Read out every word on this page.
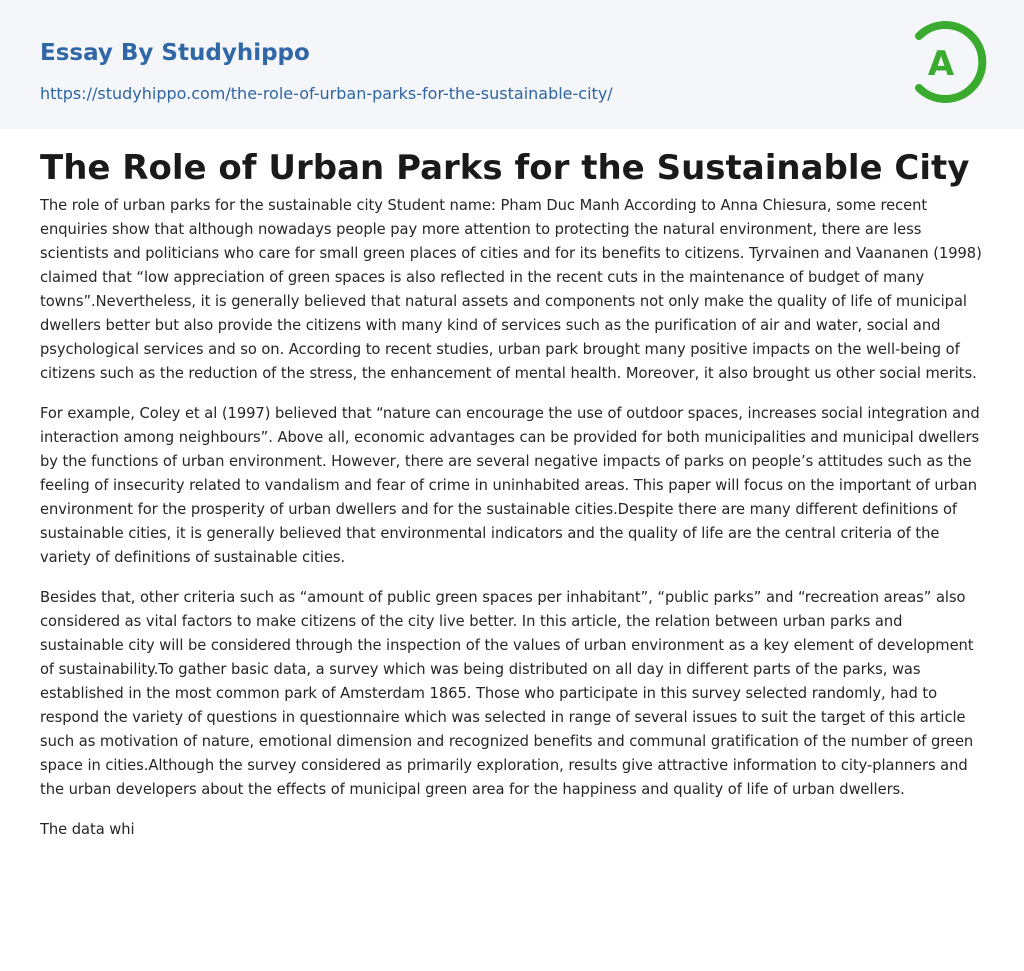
Essay By Studyhippo
https://studyhippo.com/the-role-of-urban-parks-for-the-sustainable-city/
A
The Role of Urban Parks for the Sustainable City

The role of urban parks for the sustainable city Student name: Pham Duc Manh According to Anna Chiesura, some recent enquiries show that although nowadays people pay more attention to protecting the natural environment, there are less scientists and politicians who care for small green places of cities and for its benefits to citizens. Tyrvainen and Vaananen (1998) claimed that “low appreciation of green spaces is also reflected in the recent cuts in the maintenance of budget of many towns”.Nevertheless, it is generally believed that natural assets and components not only make the quality of life of municipal dwellers better but also provide the citizens with many kind of services such as the purification of air and water, social and psychological services and so on. According to recent studies, urban park brought many positive impacts on the well-being of citizens such as the reduction of the stress, the enhancement of mental health. Moreover, it also brought us other social merits.

For example, Coley et al (1997) believed that “nature can encourage the use of outdoor spaces, increases social integration and interaction among neighbours”. Above all, economic advantages can be provided for both municipalities and municipal dwellers by the functions of urban environment. However, there are several negative impacts of parks on people’s attitudes such as the feeling of insecurity related to vandalism and fear of crime in uninhabited areas. This paper will focus on the important of urban environment for the prosperity of urban dwellers and for the sustainable cities.Despite there are many different definitions of sustainable cities, it is generally believed that environmental indicators and the quality of life are the central criteria of the variety of definitions of sustainable cities.

Besides that, other criteria such as “amount of public green spaces per inhabitant”, “public parks” and “recreation areas” also considered as vital factors to make citizens of the city live better. In this article, the relation between urban parks and sustainable city will be considered through the inspection of the values of urban environment as a key element of development of sustainability.To gather basic data, a survey which was being distributed on all day in different parts of the parks, was established in the most common park of Amsterdam 1865. Those who participate in this survey selected randomly, had to respond the variety of questions in questionnaire which was selected in range of several issues to suit the target of this article such as motivation of nature, emotional dimension and recognized benefits and communal gratification of the number of green space in cities.Although the survey considered as primarily exploration, results give attractive information to city-planners and the urban developers about the effects of municipal green area for the happiness and quality of life of urban dwellers.

The data whi
